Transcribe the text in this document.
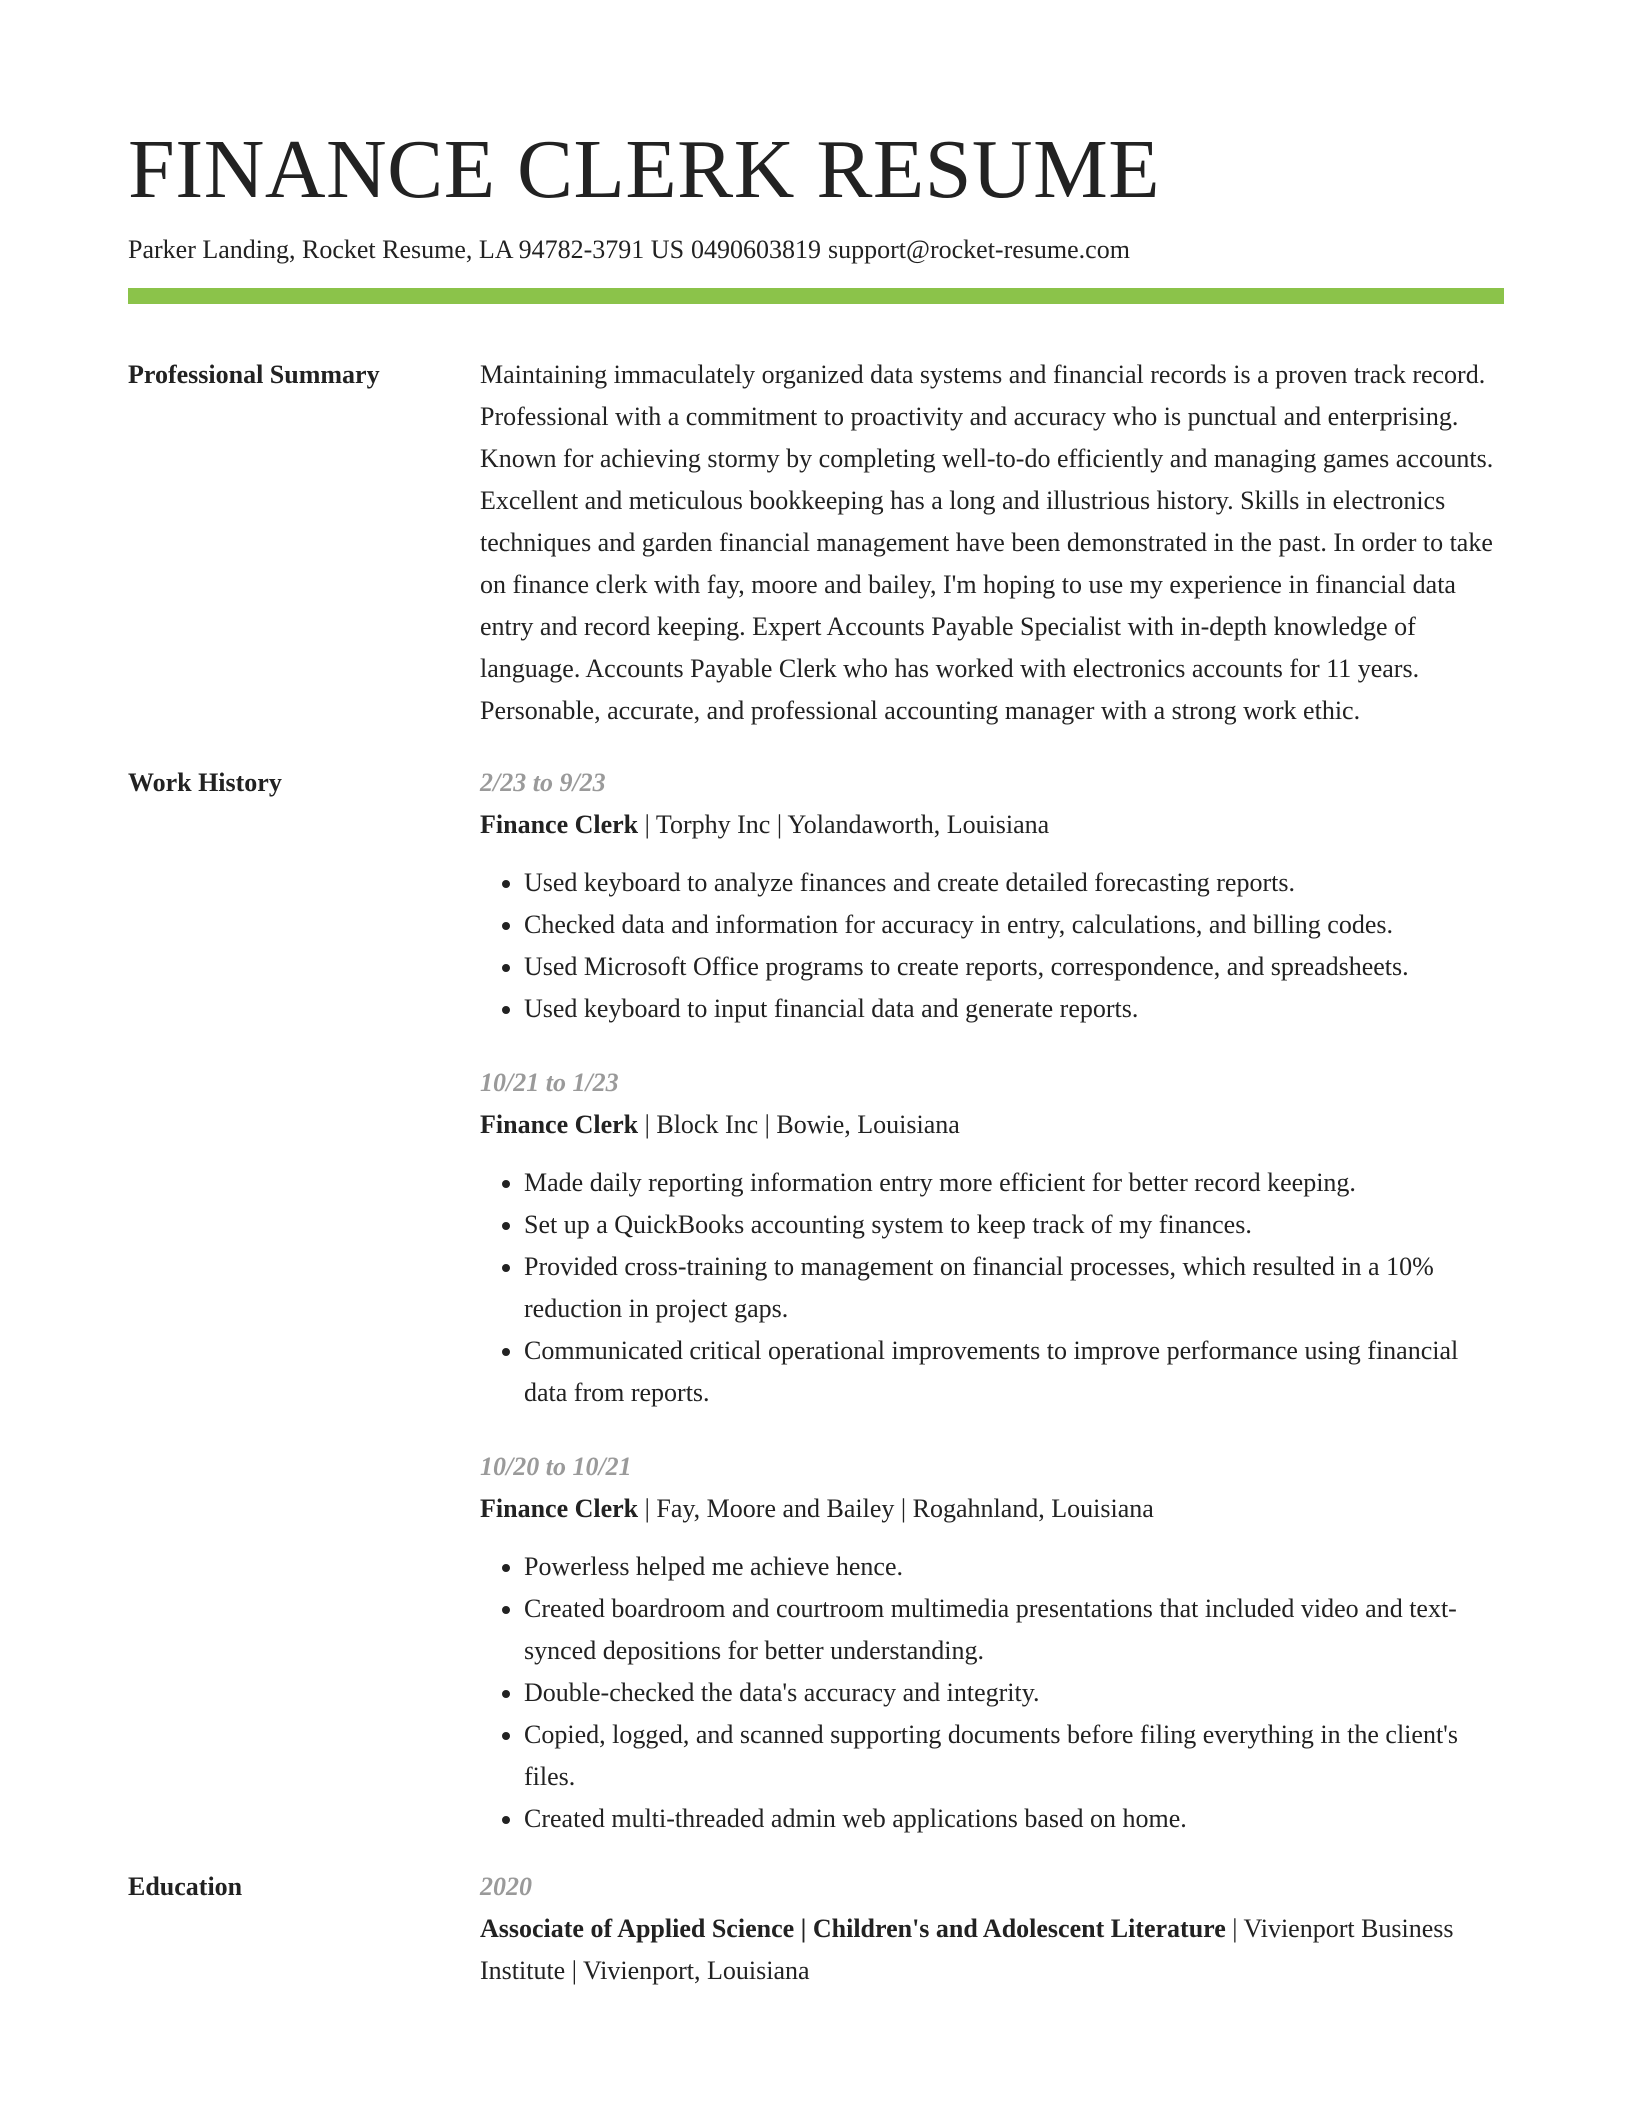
FINANCE CLERK RESUME
Parker Landing, Rocket Resume, LA 94782-3791 US 0490603819 support@rocket-resume.com
Professional Summary	Maintaining immaculately organized data systems and financial records is a proven track record. Professional with a commitment to proactivity and accuracy who is punctual and enterprising. Known for achieving stormy by completing well-to-do efficiently and managing games accounts. Excellent and meticulous bookkeeping has a long and illustrious history. Skills in electronics techniques and garden financial management have been demonstrated in the past. In order to take on finance clerk with fay, moore and bailey, I'm hoping to use my experience in financial data entry and record keeping. Expert Accounts Payable Specialist with in-depth knowledge of language. Accounts Payable Clerk who has worked with electronics accounts for 11 years. Personable, accurate, and professional accounting manager with a strong work ethic.
Work History	2/23 to 9/23
Finance Clerk | Torphy Inc | Yolandaworth, Louisiana
• Used keyboard to analyze finances and create detailed forecasting reports.
• Checked data and information for accuracy in entry, calculations, and billing codes.
• Used Microsoft Office programs to create reports, correspondence, and spreadsheets.
• Used keyboard to input financial data and generate reports.
10/21 to 1/23
Finance Clerk | Block Inc | Bowie, Louisiana
• Made daily reporting information entry more efficient for better record keeping.
• Set up a QuickBooks accounting system to keep track of my finances.
• Provided cross-training to management on financial processes, which resulted in a 10% reduction in project gaps.
• Communicated critical operational improvements to improve performance using financial data from reports.
10/20 to 10/21
Finance Clerk | Fay, Moore and Bailey | Rogahnland, Louisiana
• Powerless helped me achieve hence.
• Created boardroom and courtroom multimedia presentations that included video and text-synced depositions for better understanding.
• Double-checked the data's accuracy and integrity.
• Copied, logged, and scanned supporting documents before filing everything in the client's files.
• Created multi-threaded admin web applications based on home.
Education	2020
Associate of Applied Science | Children's and Adolescent Literature | Vivienport Business Institute | Vivienport, Louisiana
